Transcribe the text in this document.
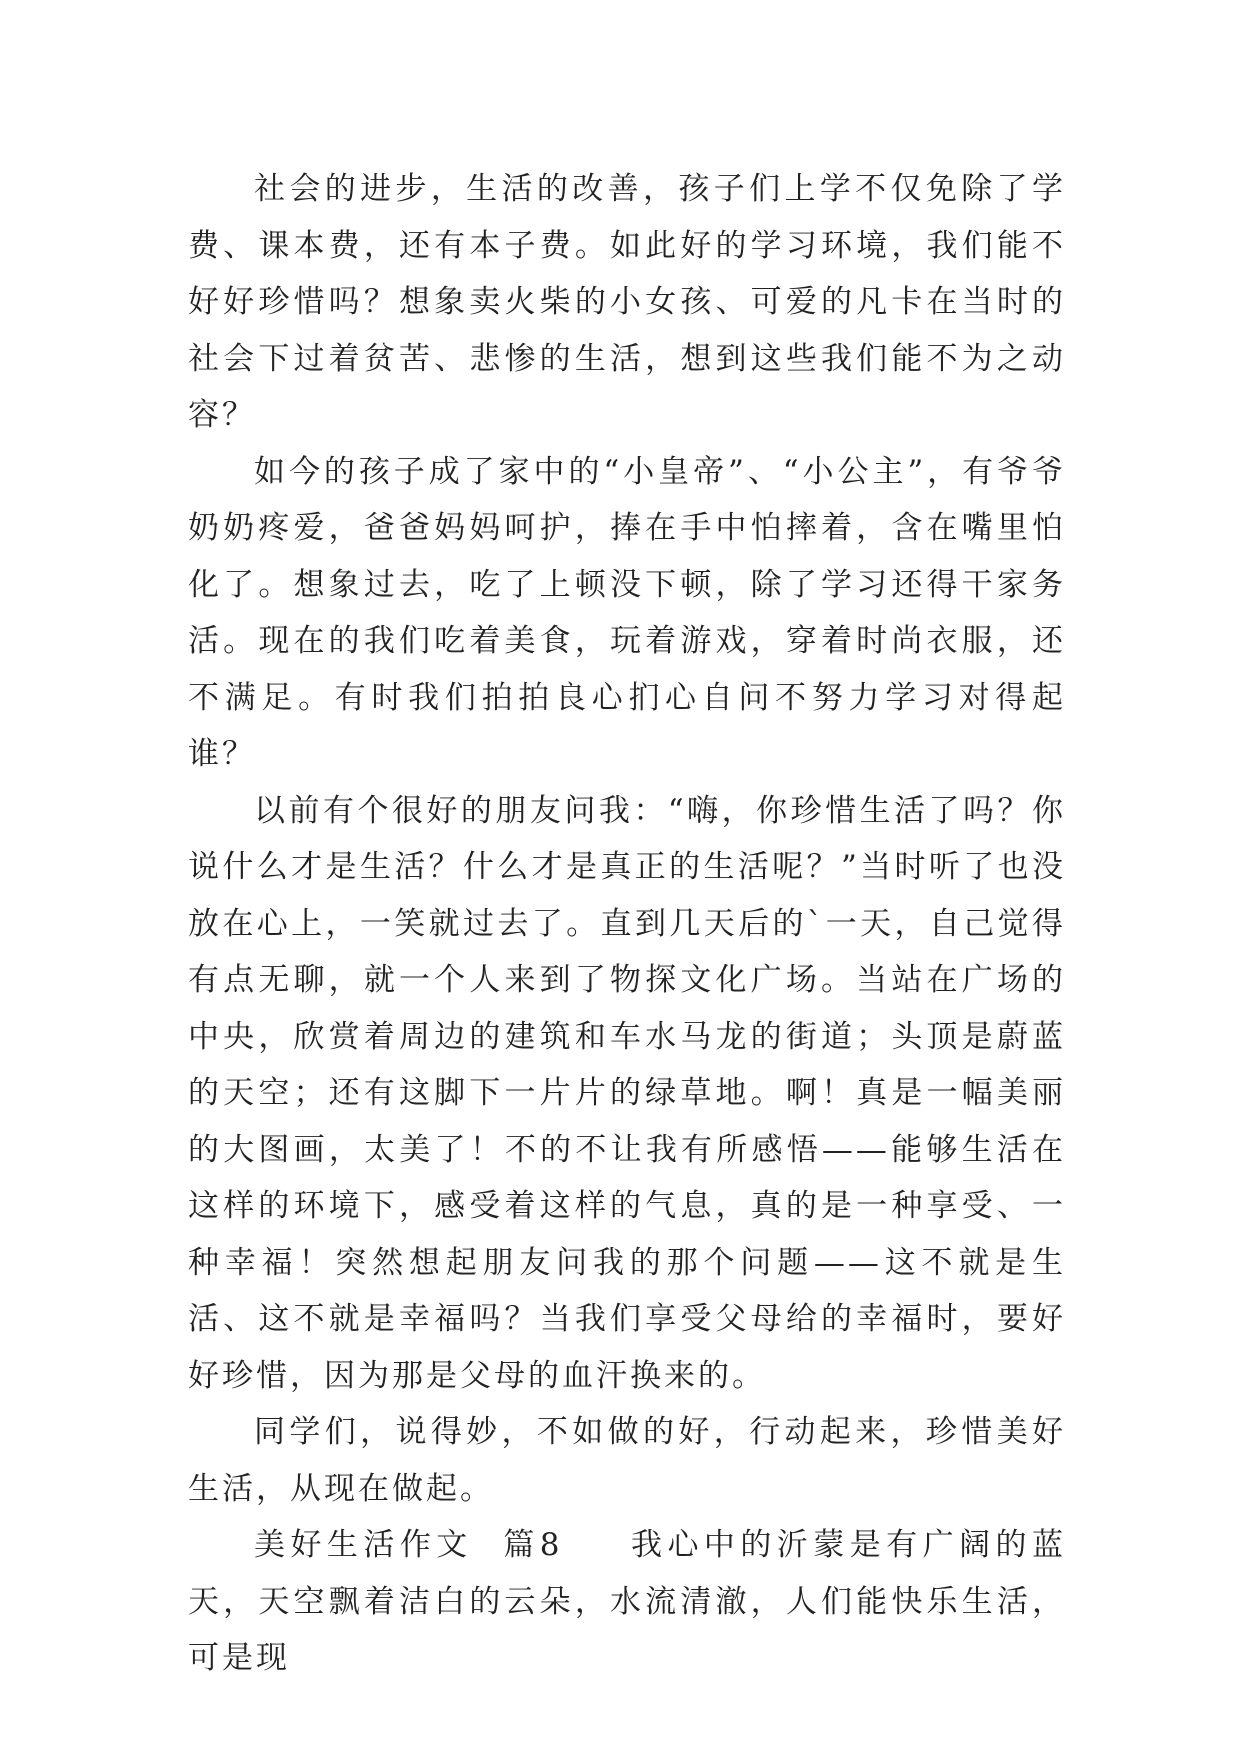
社会的进步，生活的改善，孩子们上学不仅免除了学费、课本费，还有本子费。如此好的学习环境，我们能不好好珍惜吗？想象卖火柴的小女孩、可爱的凡卡在当时的社会下过着贫苦、悲惨的生活，想到这些我们能不为之动容？

如今的孩子成了家中的“小皇帝”、“小公主”，有爷爷奶奶疼爱，爸爸妈妈呵护，捧在手中怕摔着，含在嘴里怕化了。想象过去，吃了上顿没下顿，除了学习还得干家务活。现在的我们吃着美食，玩着游戏，穿着时尚衣服，还不满足。有时我们拍拍良心扪心自问不努力学习对得起谁？

以前有个很好的朋友问我：“嗨，你珍惜生活了吗？你说什么才是生活？什么才是真正的生活呢？”当时听了也没放在心上，一笑就过去了。直到几天后的`一天，自己觉得有点无聊，就一个人来到了物探文化广场。当站在广场的中央，欣赏着周边的建筑和车水马龙的街道；头顶是蔚蓝的天空；还有这脚下一片片的绿草地。啊！真是一幅美丽的大图画，太美了！不的不让我有所感悟——能够生活在这样的环境下，感受着这样的气息，真的是一种享受、一种幸福！突然想起朋友问我的那个问题——这不就是生活、这不就是幸福吗？当我们享受父母给的幸福时，要好好珍惜，因为那是父母的血汗换来的。

同学们，说得妙，不如做的好，行动起来，珍惜美好生活，从现在做起。

美好生活作文  篇8 我心中的沂蒙是有广阔的蓝天，天空飘着洁白的云朵，水流清澈，人们能快乐生活，可是现
